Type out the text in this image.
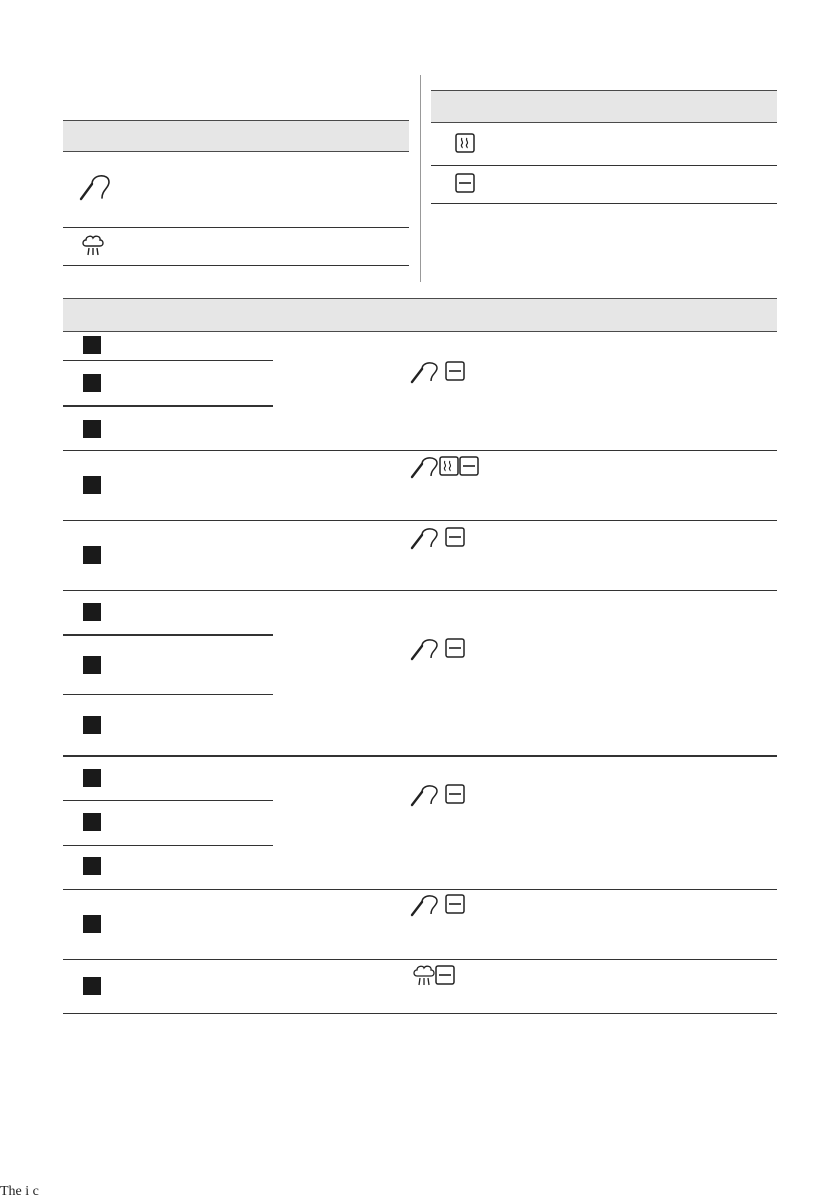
The i c
